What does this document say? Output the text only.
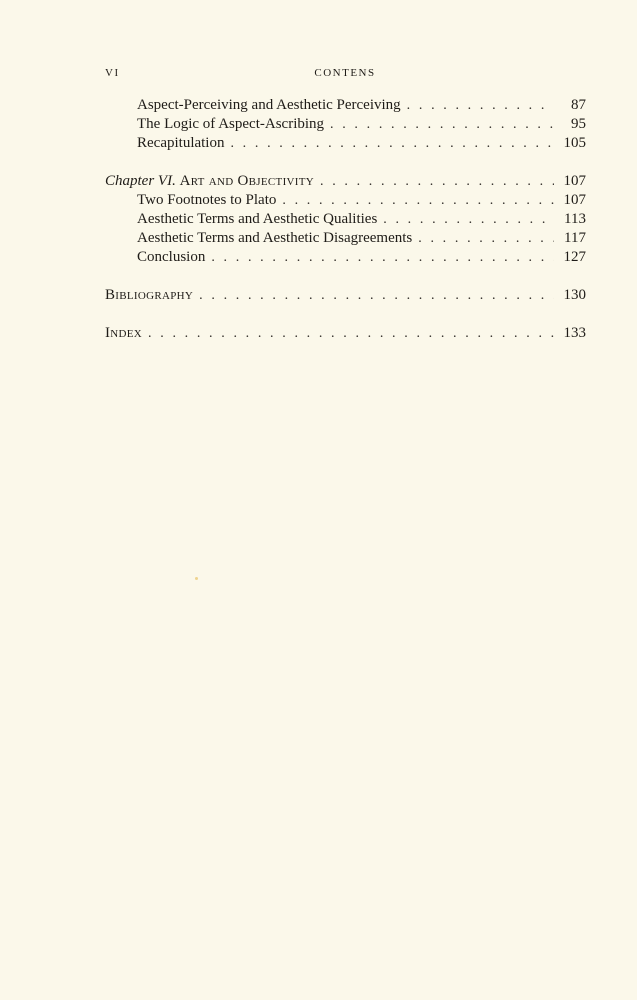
VI	CONTENS
Aspect-Perceiving and Aesthetic Perceiving . . .	87
The Logic of Aspect-Ascribing . . .	95
Recapitulation . . .	105
Chapter VI. Art and Objectivity . . .	107
Two Footnotes to Plato . . .	107
Aesthetic Terms and Aesthetic Qualities . . .	113
Aesthetic Terms and Aesthetic Disagreements . . .	117
Conclusion . . .	127
Bibliography . . .	130
Index . . .	133
